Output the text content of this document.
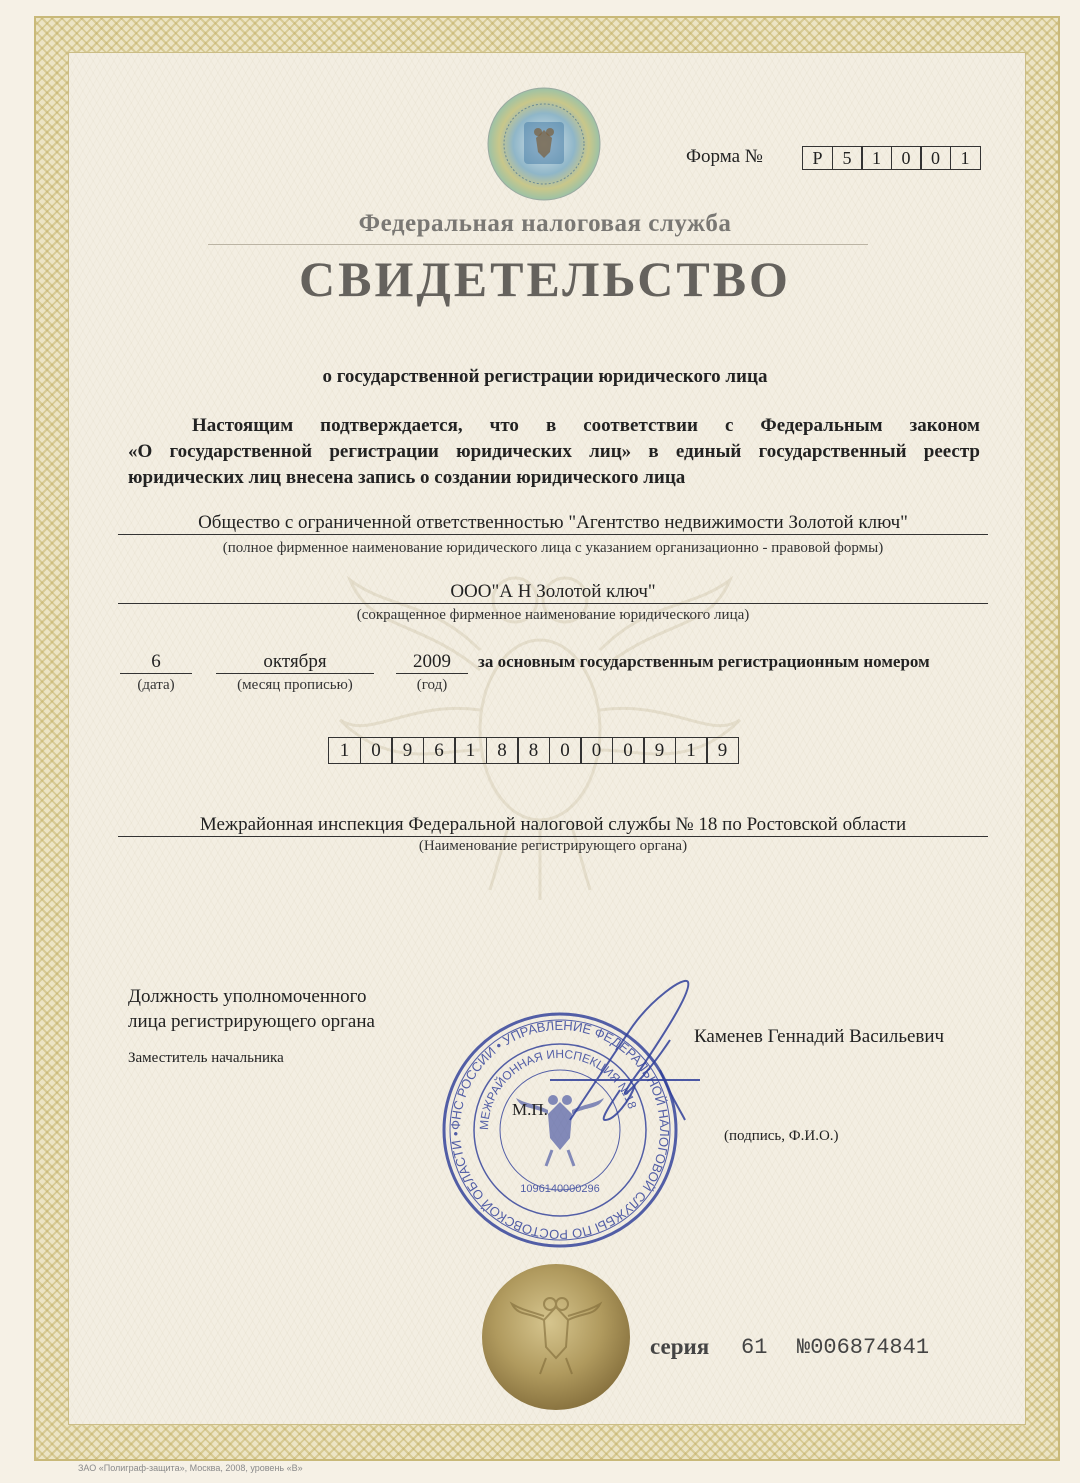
Форма №	Р	5	1	0	0	1
Федеральная налоговая служба
СВИДЕТЕЛЬСТВО
о государственной регистрации юридического лица
Настоящим подтверждается, что в соответствии с Федеральным законом
«О государственной регистрации юридических лиц» в единый государственный реестр
юридических лиц внесена запись о создании юридического лица
Общество с ограниченной ответственностью "Агентство недвижимости Золотой ключ"
(полное фирменное наименование юридического лица с указанием организационно - правовой формы)
ООО"А Н Золотой ключ"
(сокращенное фирменное наименование юридического лица)
6
(дата)
октября
(месяц прописью)
2009
(год)
за основным государственным регистрационным номером
1	0	9	6	1	8	8	0	0	0	9	1	9
Межрайонная инспекция Федеральной налоговой службы № 18 по Ростовской области
(Наименование регистрирующего органа)
Должность уполномоченного
лица регистрирующего органа
Заместитель начальника
ФНС РОССИИ • УПРАВЛЕНИЕ ФЕДЕРАЛЬНОЙ НАЛОГОВОЙ СЛУЖБЫ ПО РОСТОВСКОЙ ОБЛАСТИ •
МЕЖРАЙОННАЯ ИНСПЕКЦИЯ №18
1096140000296
Каменев Геннадий Васильевич
М.П.
(подпись, Ф.И.О.)
серия 61 №006874841
ЗАО «Полиграф-защита», Москва, 2008, уровень «В»
